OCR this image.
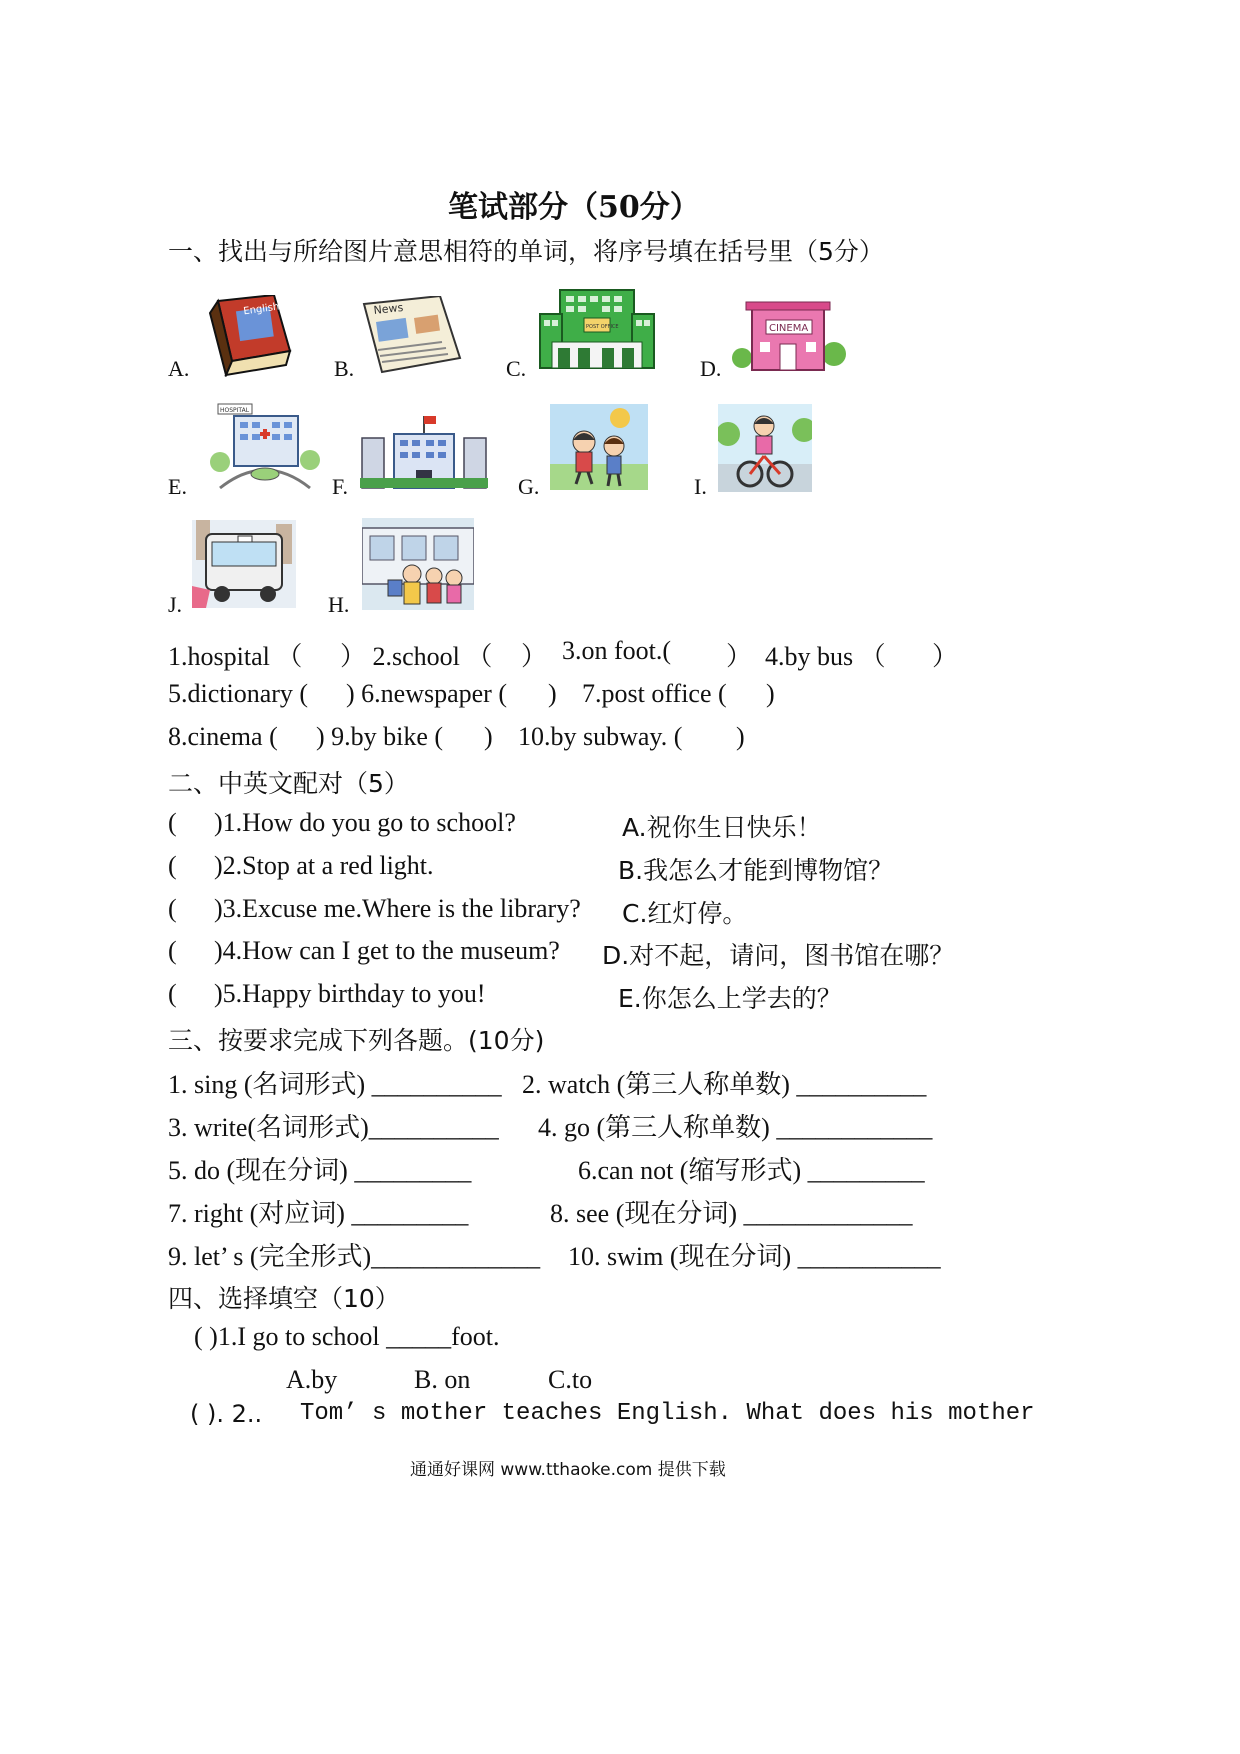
笔试部分（50分）
一、找出与所给图片意思相符的单词，将序号填在括号里（5分）
A.
English
B.
News
C.
POST OFFICE
D.
CINEMA
E.
HOSPITAL
F.	G.	I.
J.	H.
1.hospital （ ） 2.school （ ） 3.on foot.( ） 4.by bus （ ）
5.dictionary ( ) 6.newspaper ( ) 7.post office ( )
8.cinema ( ) 9.by bike ( ) 10.by subway. ( )
二、中英文配对（5）
( )1.How do you go to school?	A.祝你生日快乐！
( )2.Stop at a red light.	B.我怎么才能到博物馆？
( )3.Excuse me.Where is the library? C.红灯停。
( )4.How can I get to the museum? D.对不起，请问，图书馆在哪？
( )5.Happy birthday to you!	E.你怎么上学去的？
三、按要求完成下列各题。(10分)
1. sing (名词形式) __________ 2. watch (第三人称单数) __________
3. write(名词形式)__________ 4. go (第三人称单数) ____________
5. do (现在分词) _________	6.can not (缩写形式) _________
7. right (对应词) _________	8. see (现在分词) _____________
9. let’ s (完全形式)_____________ 10. swim (现在分词) ___________
四、选择填空（10）
( )1.I go to school _____foot.
A.by	B. on	C.to
( ). 2.. Tom’ s mother teaches English. What does his mother
通通好课网 www.tthaoke.com 提供下载
